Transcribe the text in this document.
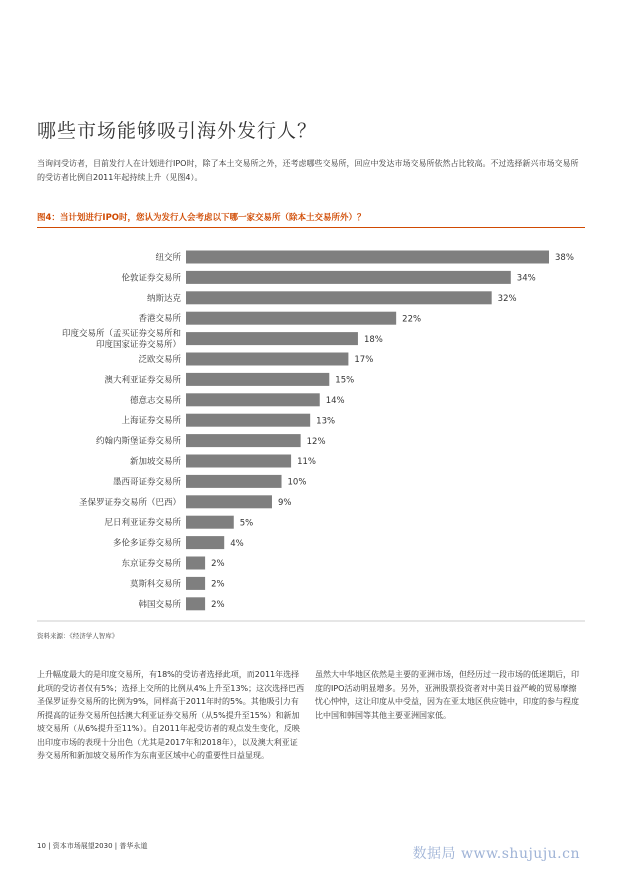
哪些市场能够吸引海外发行人？
当询问受访者，目前发行人在计划进行IPO时，除了本土交易所之外，还考虑哪些交易所，回应中发达市场交易所依然占比较高。不过选择新兴市场交易所的受访者比例自2011年起持续上升（见图4）。
图4：当计划进行IPO时，您认为发行人会考虑以下哪一家交易所（除本土交易所外）？
38%
纽交所
34%
伦敦证券交易所
32%
纳斯达克
22%
香港交易所
18%
印度交易所（孟买证券交易所和印度国家证券交易所）
17%
泛欧交易所
15%
澳大利亚证券交易所
14%
德意志交易所
13%
上海证券交易所
12%
约翰内斯堡证券交易所
11%
新加坡交易所
10%
墨西哥证券交易所
9%
圣保罗证券交易所（巴西）
5%
尼日利亚证券交易所
4%
多伦多证券交易所
2%
东京证券交易所
2%
莫斯科交易所
2%
韩国交易所
资料来源：《经济学人智库》
上升幅度最大的是印度交易所，有18%的受访者选择此项，而2011年选择此项的受访者仅有5%；选择上交所的比例从4%上升至13%；这次选择巴西圣保罗证券交易所的比例为9%，同样高于2011年时的5%。其他吸引力有所提高的证券交易所包括澳大利亚证券交易所（从5%提升至15%）和新加坡交易所（从6%提升至11%）。自2011年起受访者的观点发生变化，反映出印度市场的表现十分出色（尤其是2017年和2018年），以及澳大利亚证券交易所和新加坡交易所作为东南亚区域中心的重要性日益显现。
虽然大中华地区依然是主要的亚洲市场，但经历过一段市场的低迷期后，印度的IPO活动明显增多。另外，亚洲股票投资者对中美日益严峻的贸易摩擦忧心忡忡，这让印度从中受益，因为在亚太地区供应链中，印度的参与程度比中国和韩国等其他主要亚洲国家低。
10 | 资本市场展望2030 | 普华永道	数据局 www.shujuju.cn
